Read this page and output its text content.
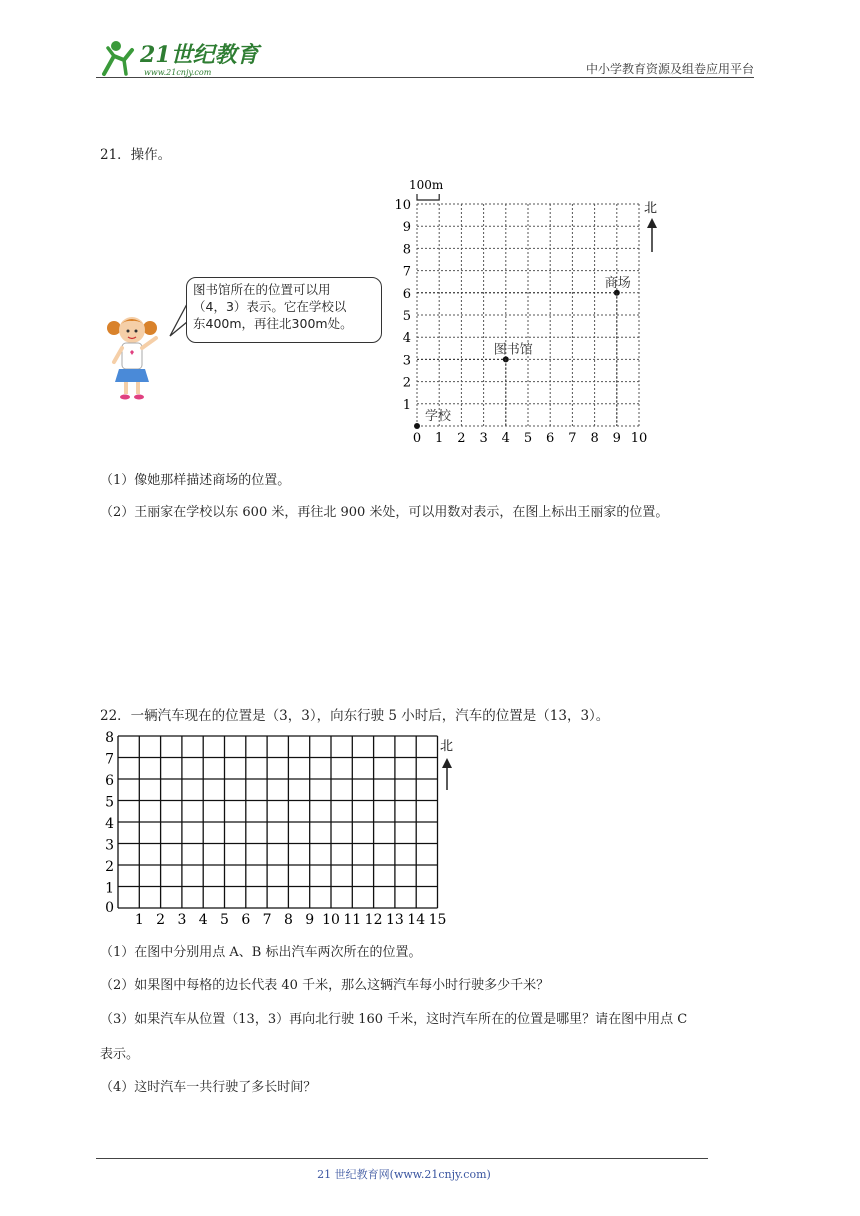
21世纪教育
www.21cnjy.com	中小学教育资源及组卷应用平台
21．操作。
图书馆所在的位置可以用
（4，3）表示。它在学校以
东400m，再往北300m处。
0 1 2 3 4 5 6 7 8 9 10
1
2
3
4
5
6
7
8
9
10
100m
北
学校
图书馆
商场
（1）像她那样描述商场的位置。
（2）王丽家在学校以东 600 米，再往北 900 米处，可以用数对表示，在图上标出王丽家的位置。
22．一辆汽车现在的位置是（3，3），向东行驶 5 小时后，汽车的位置是（13，3）。
1 2 3 4 5 6 7 8 9 10 11 12 13 14 15
0
1
2
3
4
5
6
7
8
北
（1）在图中分别用点 A、B 标出汽车两次所在的位置。
（2）如果图中每格的边长代表 40 千米，那么这辆汽车每小时行驶多少千米？
（3）如果汽车从位置（13，3）再向北行驶 160 千米，这时汽车所在的位置是哪里？请在图中用点 C
表示。
（4）这时汽车一共行驶了多长时间？
21 世纪教育网(www.21cnjy.com)
